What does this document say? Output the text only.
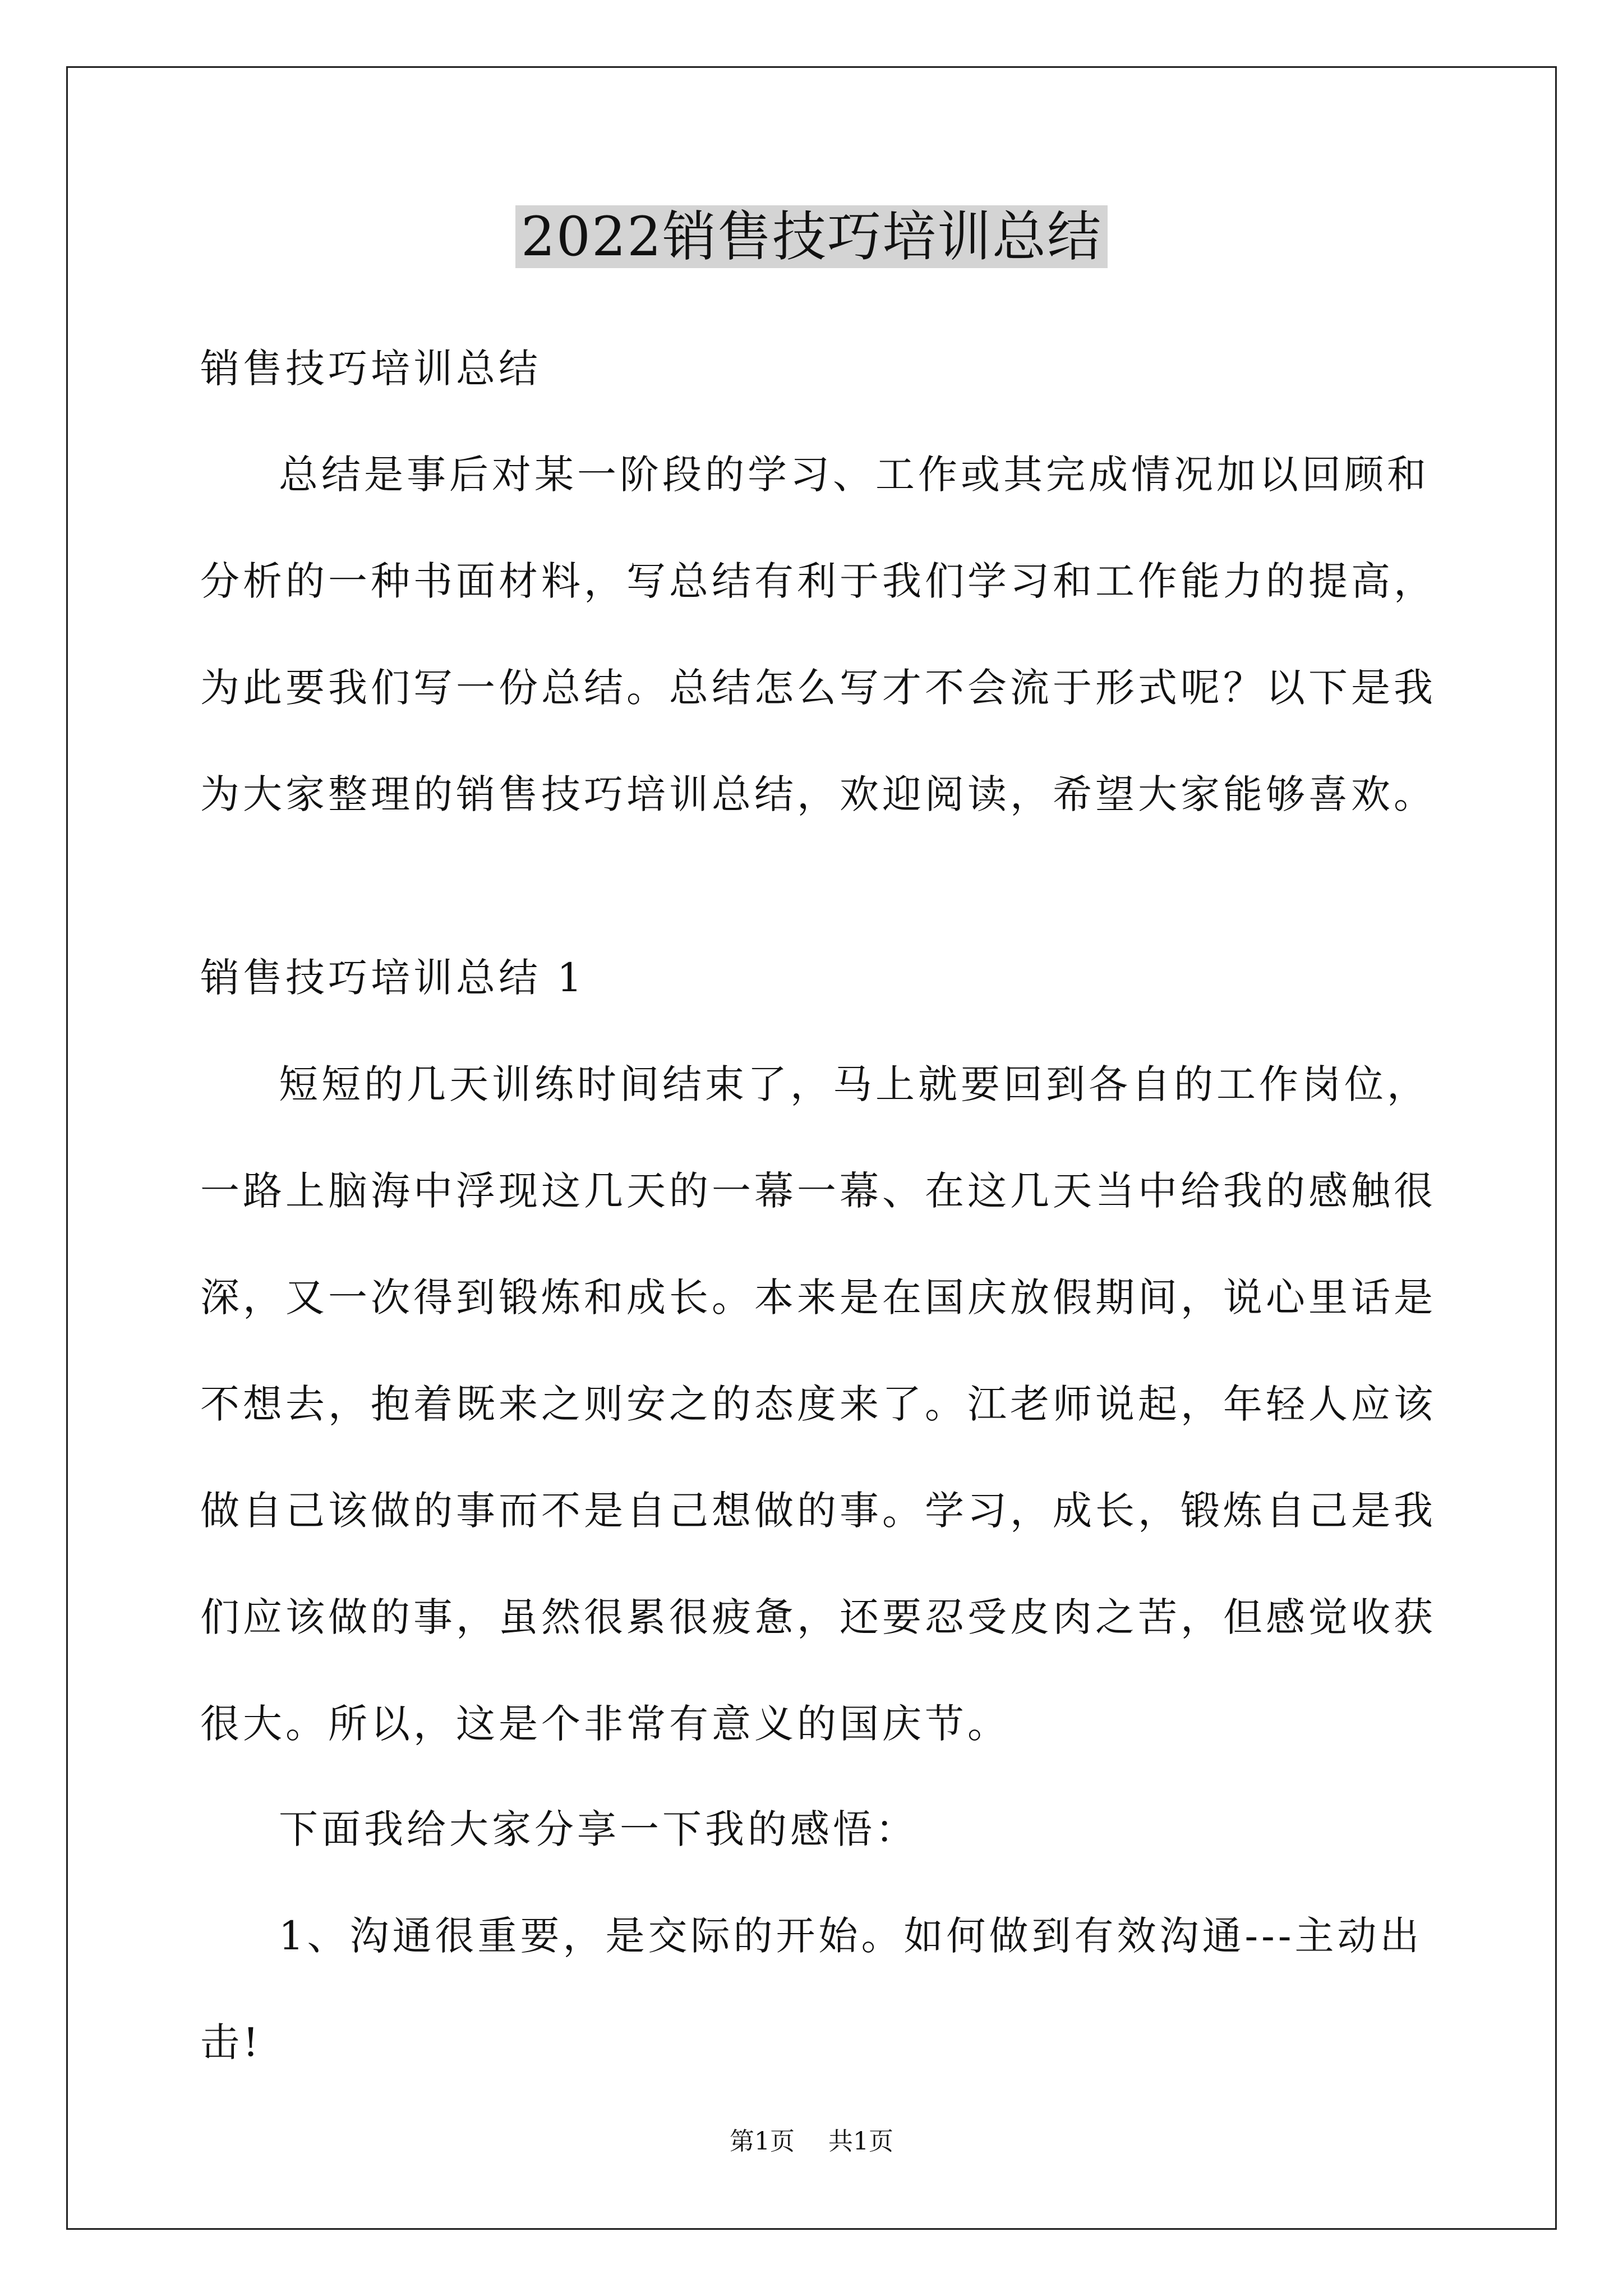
2022销售技巧培训总结

销售技巧培训总结

总结是事后对某一阶段的学习、工作或其完成情况加以回顾和分析的一种书面材料，写总结有利于我们学习和工作能力的提高，为此要我们写一份总结。总结怎么写才不会流于形式呢？以下是我为大家整理的销售技巧培训总结，欢迎阅读，希望大家能够喜欢。

销售技巧培训总结 1

短短的几天训练时间结束了，马上就要回到各自的工作岗位，一路上脑海中浮现这几天的一幕一幕、在这几天当中给我的感触很深，又一次得到锻炼和成长。本来是在国庆放假期间，说心里话是不想去，抱着既来之则安之的态度来了。江老师说起，年轻人应该做自己该做的事而不是自己想做的事。学习，成长，锻炼自己是我们应该做的事，虽然很累很疲惫，还要忍受皮肉之苦，但感觉收获很大。所以，这是个非常有意义的国庆节。

下面我给大家分享一下我的感悟：

1、沟通很重要，是交际的开始。如何做到有效沟通---主动出击!

第1页 共1页
